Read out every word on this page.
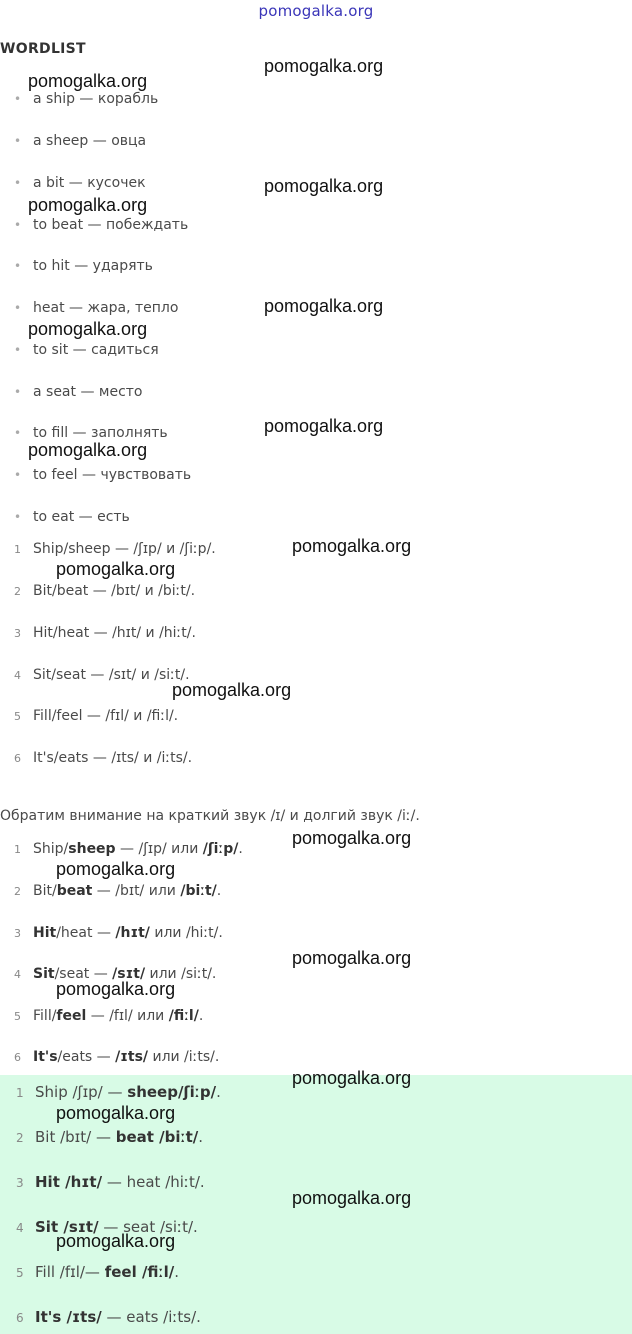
pomogalka.org
WORDLIST
• a ship — корабль
• a sheep — овца
• a bit — кусочек
• to beat — побеждать
• to hit — ударять
• heat — жара, тепло
• to sit — садиться
• a seat — место
• to fill — заполнять
• to feel — чувствовать
• to eat — есть
1 Ship/sheep — /ʃɪp/ и /ʃiːp/.
2 Bit/beat — /bɪt/ и /biːt/.
3 Hit/heat — /hɪt/ и /hiːt/.
4 Sit/seat — /sɪt/ и /siːt/.
5 Fill/feel — /fɪl/ и /fiːl/.
6 It's/eats — /ɪts/ и /iːts/.
Обратим внимание на краткий звук /ɪ/ и долгий звук /iː/.
1 Ship/sheep — /ʃɪp/ или /ʃiːp/.
2 Bit/beat — /bɪt/ или /biːt/.
3 Hit/heat — /hɪt/ или /hiːt/.
4 Sit/seat — /sɪt/ или /siːt/.
5 Fill/feel — /fɪl/ или /fiːl/.
6 It's/eats — /ɪts/ или /iːts/.
1 Ship /ʃɪp/ — sheep/ʃiːp/.
2 Bit /bɪt/ — beat /biːt/.
3 Hit /hɪt/ — heat /hiːt/.
4 Sit /sɪt/ — seat /siːt/.
5 Fill /fɪl/— feel /fiːl/.
6 It's /ɪts/ — eats /iːts/.
pomogalka.org
pomogalka.org
pomogalka.org
pomogalka.org
pomogalka.org
pomogalka.org
pomogalka.org
pomogalka.org
pomogalka.org
pomogalka.org
pomogalka.org
pomogalka.org
pomogalka.org
pomogalka.org
pomogalka.org
pomogalka.org
pomogalka.org
pomogalka.org
pomogalka.org
